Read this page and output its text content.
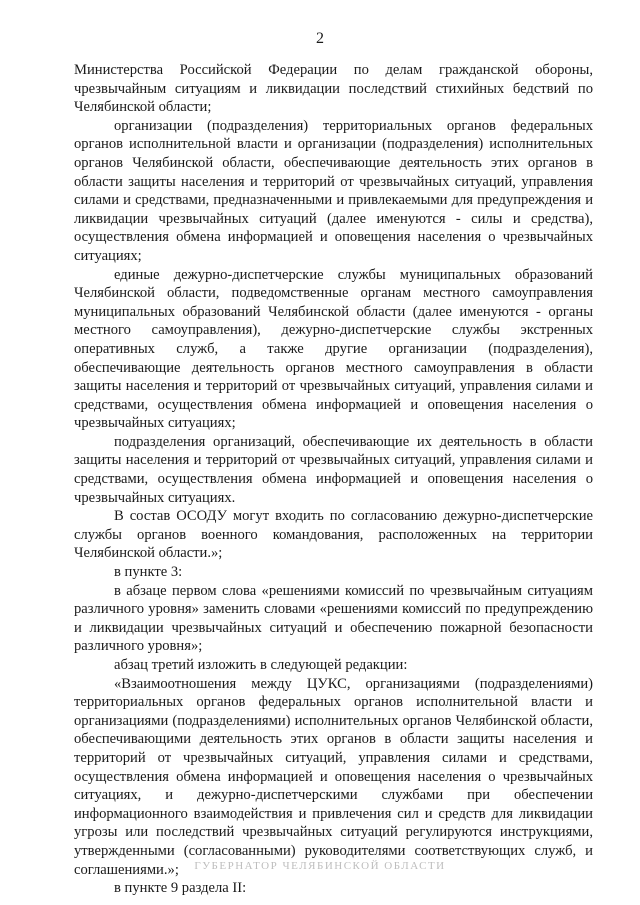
2

Министерства Российской Федерации по делам гражданской обороны, чрезвычайным ситуациям и ликвидации последствий стихийных бедствий по Челябинской области;

организации (подразделения) территориальных органов федеральных органов исполнительной власти и организации (подразделения) исполнительных органов Челябинской области, обеспечивающие деятельность этих органов в области защиты населения и территорий от чрезвычайных ситуаций, управления силами и средствами, предназначенными и привлекаемыми для предупреждения и ликвидации чрезвычайных ситуаций (далее именуются - силы и средства), осуществления обмена информацией и оповещения населения о чрезвычайных ситуациях;

единые дежурно-диспетчерские службы муниципальных образований Челябинской области, подведомственные органам местного самоуправления муниципальных образований Челябинской области (далее именуются - органы местного самоуправления), дежурно-диспетчерские службы экстренных оперативных служб, а также другие организации (подразделения), обеспечивающие деятельность органов местного самоуправления в области защиты населения и территорий от чрезвычайных ситуаций, управления силами и средствами, осуществления обмена информацией и оповещения населения о чрезвычайных ситуациях;

подразделения организаций, обеспечивающие их деятельность в области защиты населения и территорий от чрезвычайных ситуаций, управления силами и средствами, осуществления обмена информацией и оповещения населения о чрезвычайных ситуациях.

В состав ОСОДУ могут входить по согласованию дежурно-диспетчерские службы органов военного командования, расположенных на территории Челябинской области.»;

в пункте 3:

в абзаце первом слова «решениями комиссий по чрезвычайным ситуациям различного уровня» заменить словами «решениями комиссий по предупреждению и ликвидации чрезвычайных ситуаций и обеспечению пожарной безопасности различного уровня»;

абзац третий изложить в следующей редакции:

«Взаимоотношения между ЦУКС, организациями (подразделениями) территориальных органов федеральных органов исполнительной власти и организациями (подразделениями) исполнительных органов Челябинской области, обеспечивающими деятельность этих органов в области защиты населения и территорий от чрезвычайных ситуаций, управления силами и средствами, осуществления обмена информацией и оповещения населения о чрезвычайных ситуациях, и дежурно-диспетчерскими службами при обеспечении информационного взаимодействия и привлечения сил и средств для ликвидации угрозы или последствий чрезвычайных ситуаций регулируются инструкциями, утвержденными (согласованными) руководителями соответствующих служб, и соглашениями.»;

в пункте 9 раздела II:

ГУБЕРНАТОР ЧЕЛЯБИНСКОЙ ОБЛАСТИ
